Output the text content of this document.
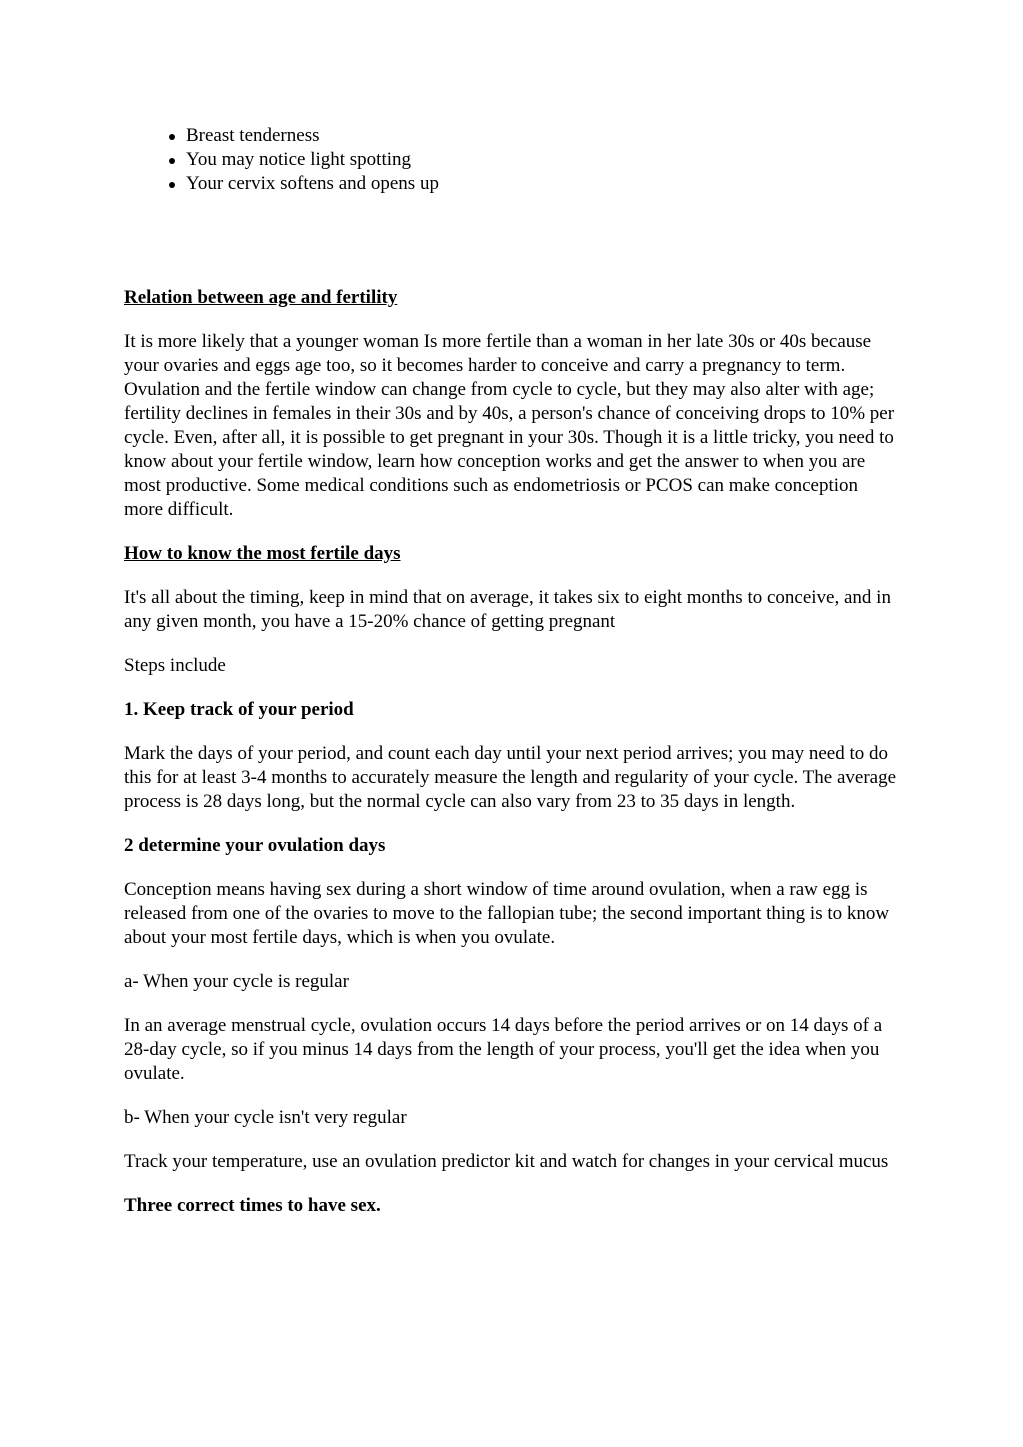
Breast tenderness
You may notice light spotting
Your cervix softens and opens up

Relation between age and fertility

It is more likely that a younger woman Is more fertile than a woman in her late 30s or 40s because your ovaries and eggs age too, so it becomes harder to conceive and carry a pregnancy to term. Ovulation and the fertile window can change from cycle to cycle, but they may also alter with age; fertility declines in females in their 30s and by 40s, a person's chance of conceiving drops to 10% per cycle. Even, after all, it is possible to get pregnant in your 30s. Though it is a little tricky, you need to know about your fertile window, learn how conception works and get the answer to when you are most productive. Some medical conditions such as endometriosis or PCOS can make conception more difficult.

How to know the most fertile days

It's all about the timing, keep in mind that on average, it takes six to eight months to conceive, and in any given month, you have a 15-20% chance of getting pregnant

Steps include

1. Keep track of your period

Mark the days of your period, and count each day until your next period arrives; you may need to do this for at least 3-4 months to accurately measure the length and regularity of your cycle. The average process is 28 days long, but the normal cycle can also vary from 23 to 35 days in length.

2 determine your ovulation days

Conception means having sex during a short window of time around ovulation, when a raw egg is released from one of the ovaries to move to the fallopian tube; the second important thing is to know about your most fertile days, which is when you ovulate.

a- When your cycle is regular

In an average menstrual cycle, ovulation occurs 14 days before the period arrives or on 14 days of a 28-day cycle, so if you minus 14 days from the length of your process, you'll get the idea when you ovulate.

b- When your cycle isn't very regular

Track your temperature, use an ovulation predictor kit and watch for changes in your cervical mucus

Three correct times to have sex.
